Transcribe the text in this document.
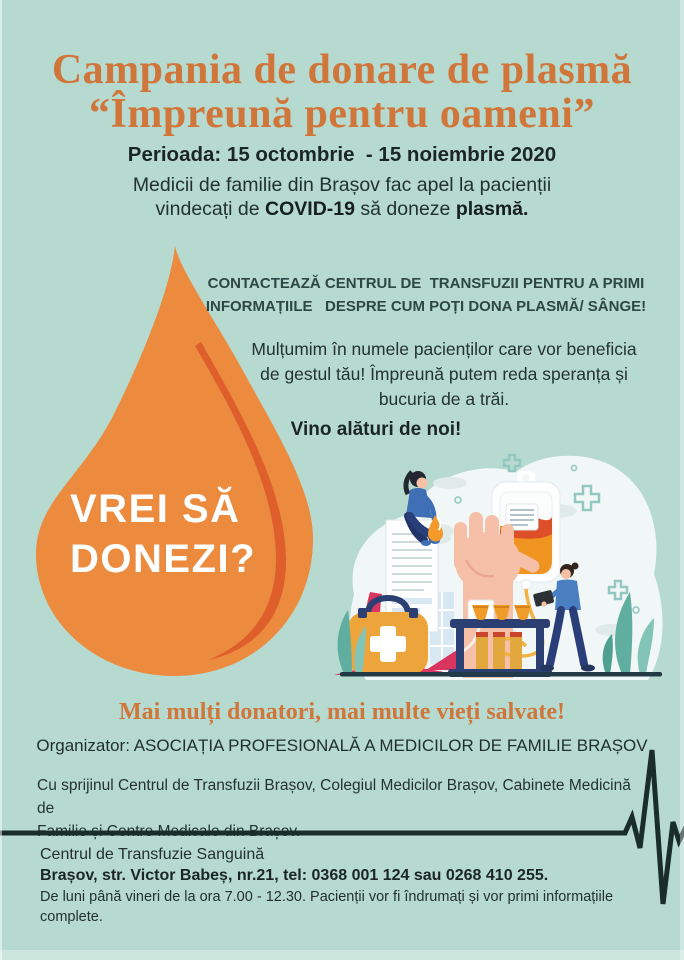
Campania de donare de plasmă
“Împreună pentru oameni”
Perioada: 15 octombrie  - 15 noiembrie 2020
Medicii de familie din Brașov fac apel la pacienții
vindecați de COVID-19 să doneze plasmă.
VREI SĂ
DONEZI?
CONTACTEAZĂ CENTRUL DE  TRANSFUZII PENTRU A PRIMI
INFORMAȚIILE   DESPRE CUM POȚI DONA PLASMĂ/ SÂNGE!
Mulțumim în numele pacienților care vor beneficia
de gestul tău! Împreună putem reda speranța și
bucuria de a trăi.
Vino alături de noi!
Mai mulți donatori, mai multe vieți salvate!
Organizator: ASOCIAȚIA PROFESIONALĂ A MEDICILOR DE FAMILIE BRAȘOV
Cu sprijinul Centrul de Transfuzii Brașov, Colegiul Medicilor Brașov, Cabinete Medicină de
Familie și Centre Medicale din Brașov.
Centrul de Transfuzie Sanguină
Brașov, str. Victor Babeș, nr.21, tel: 0368 001 124 sau 0268 410 255.
De luni până vineri de la ora 7.00 - 12.30. Pacienții vor fi îndrumați și vor primi informațiile complete.
